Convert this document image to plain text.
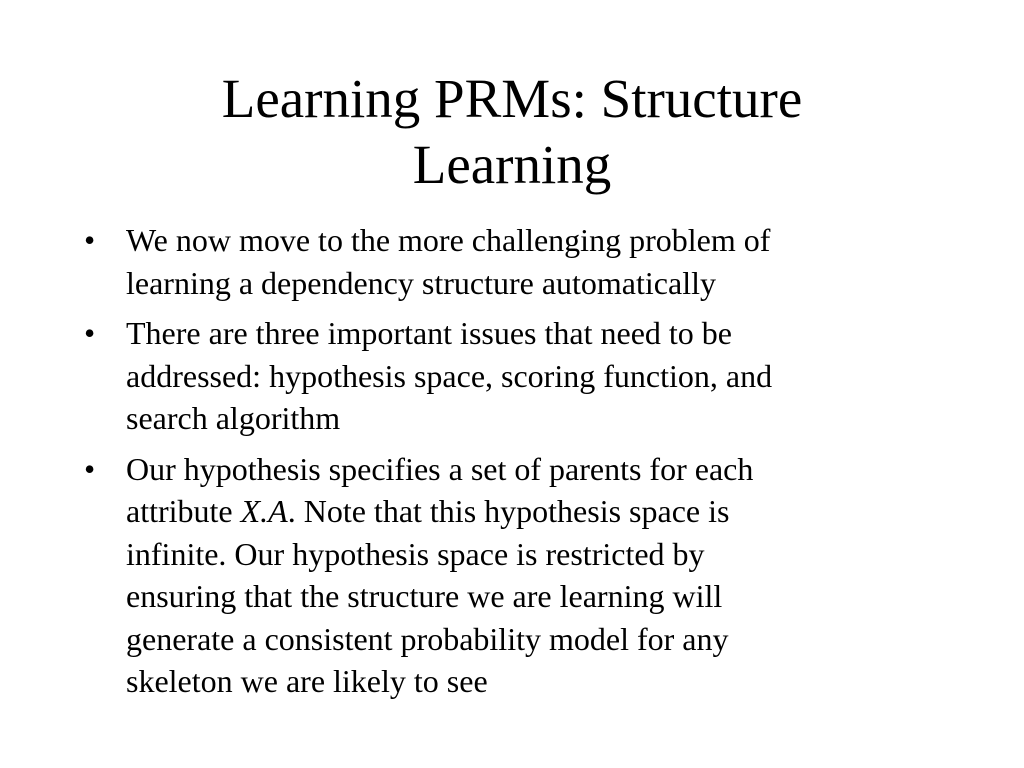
Learning PRMs: Structure
Learning
• We now move to the more challenging problem of
learning a dependency structure automatically
• There are three important issues that need to be
addressed: hypothesis space, scoring function, and
search algorithm
• Our hypothesis specifies a set of parents for each
attribute X.A. Note that this hypothesis space is
infinite. Our hypothesis space is restricted by
ensuring that the structure we are learning will
generate a consistent probability model for any
skeleton we are likely to see
